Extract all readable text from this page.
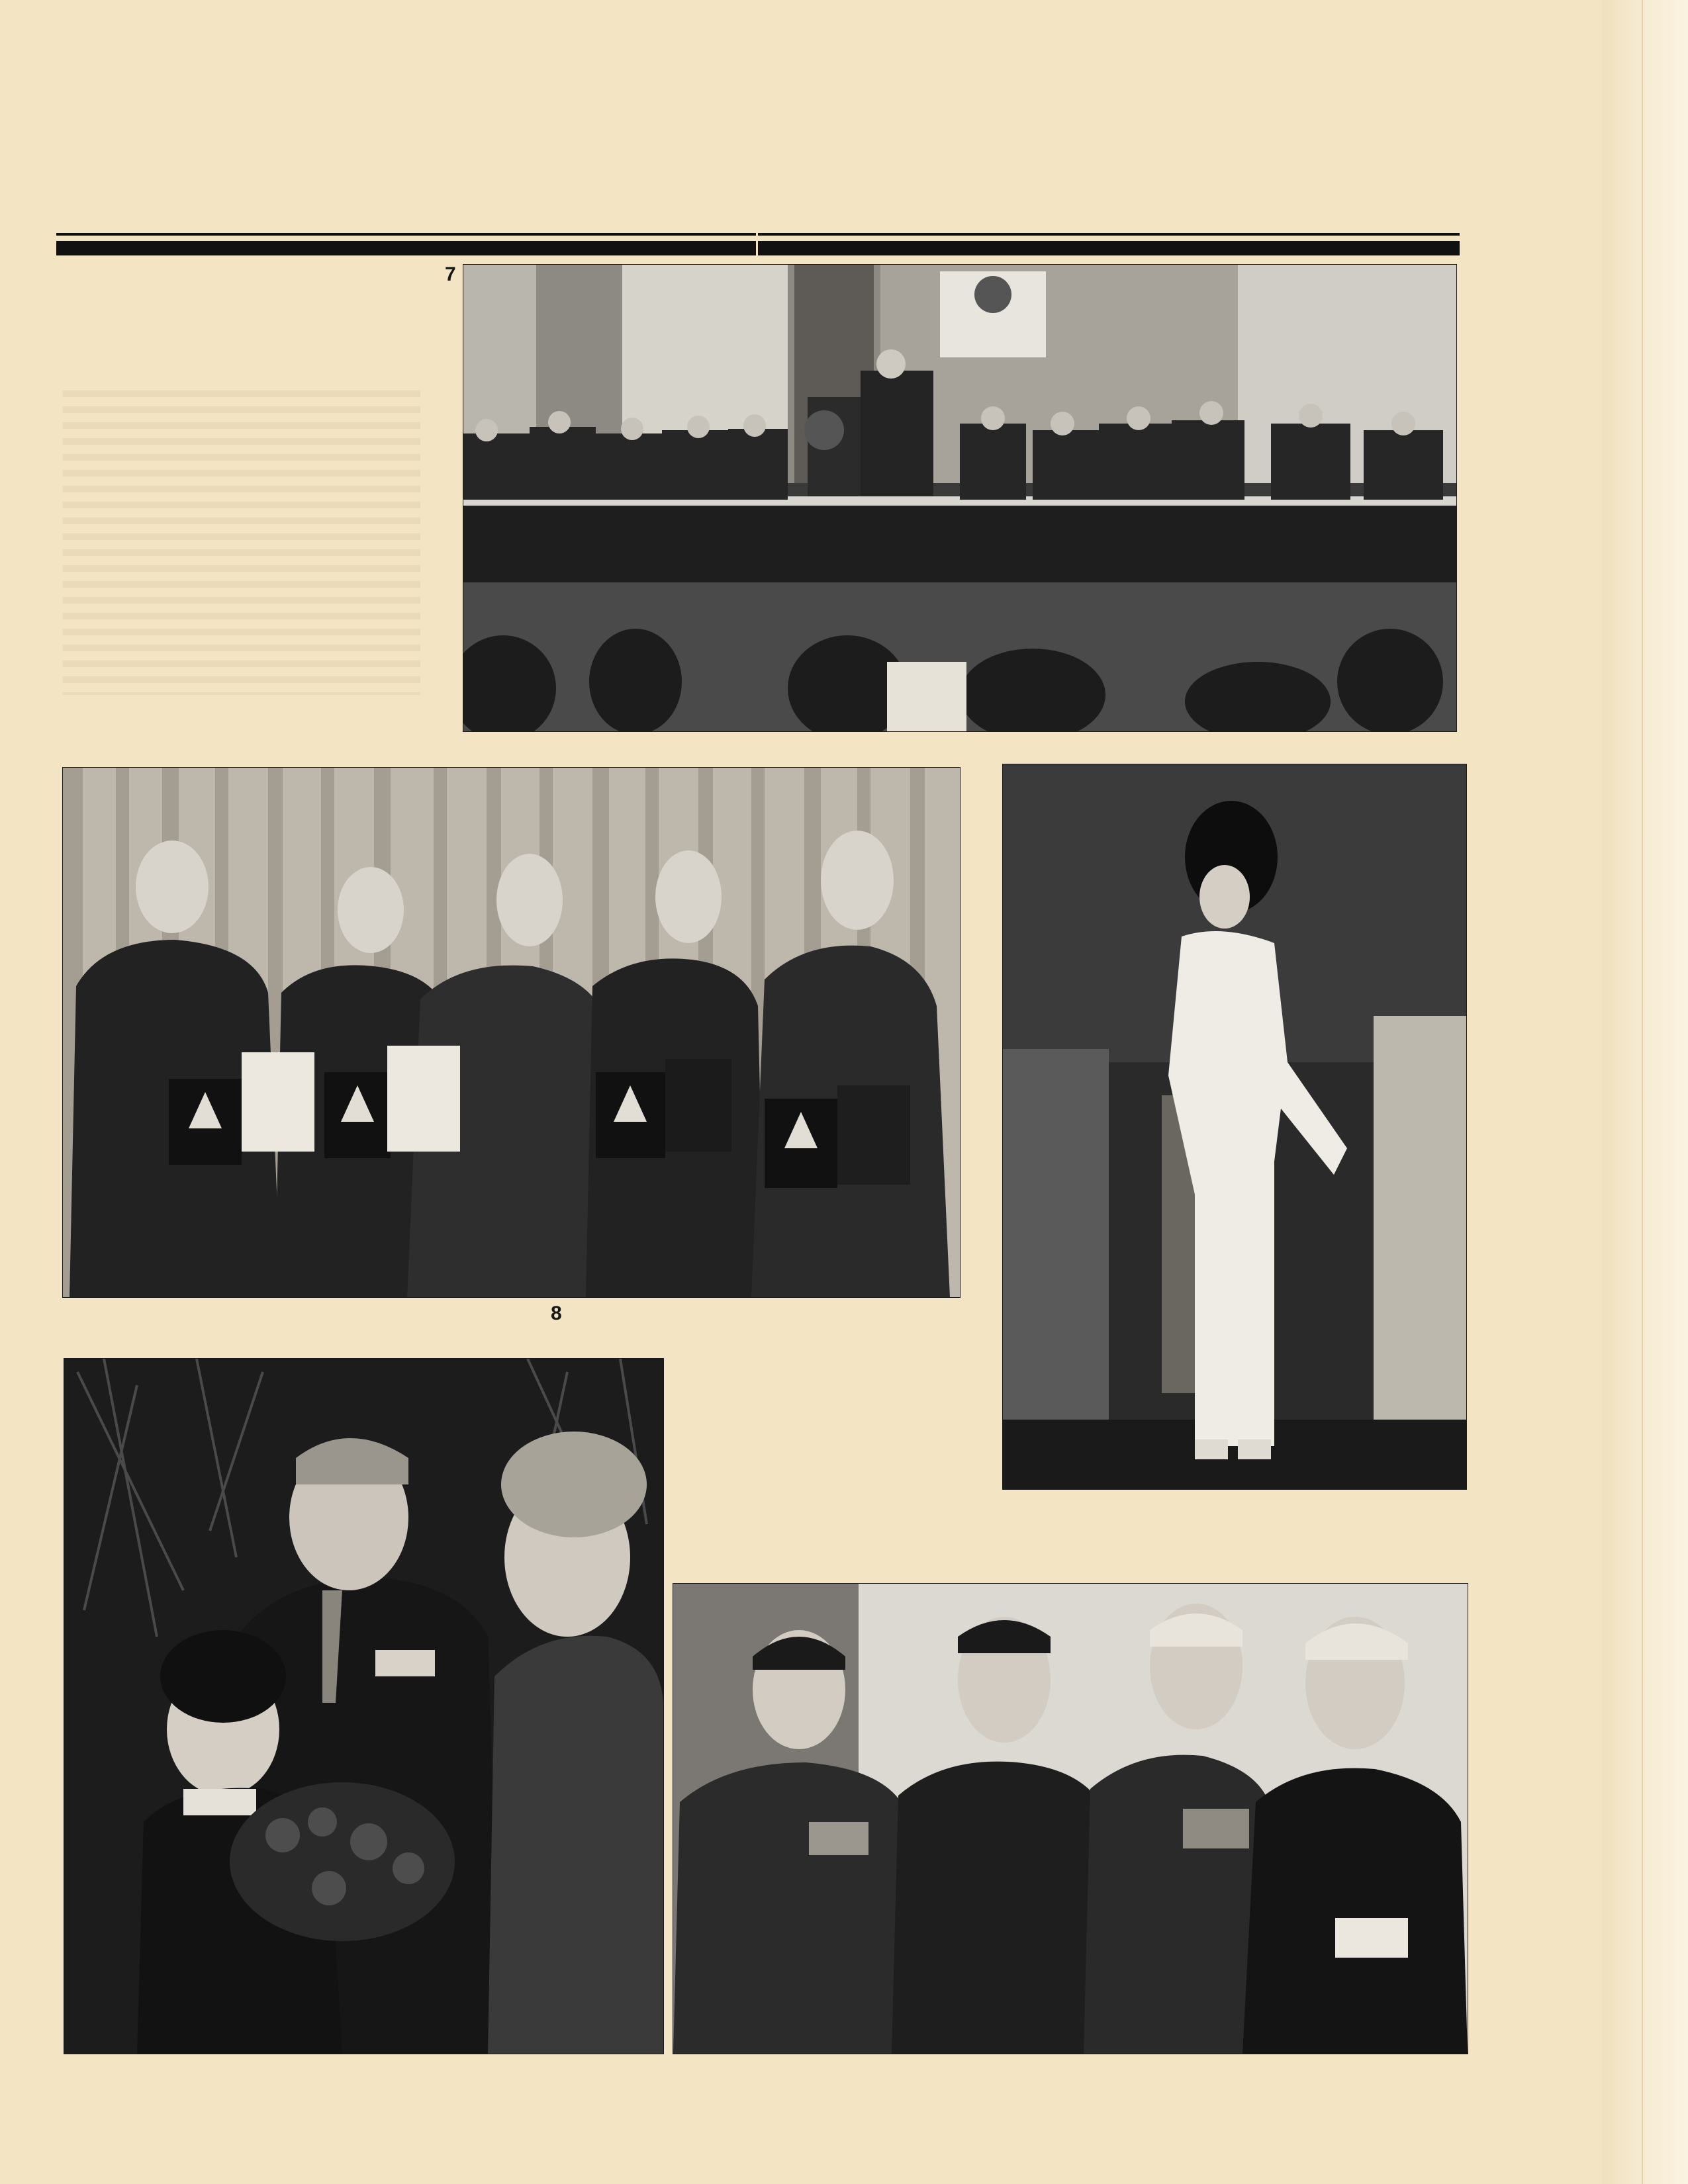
7
8
